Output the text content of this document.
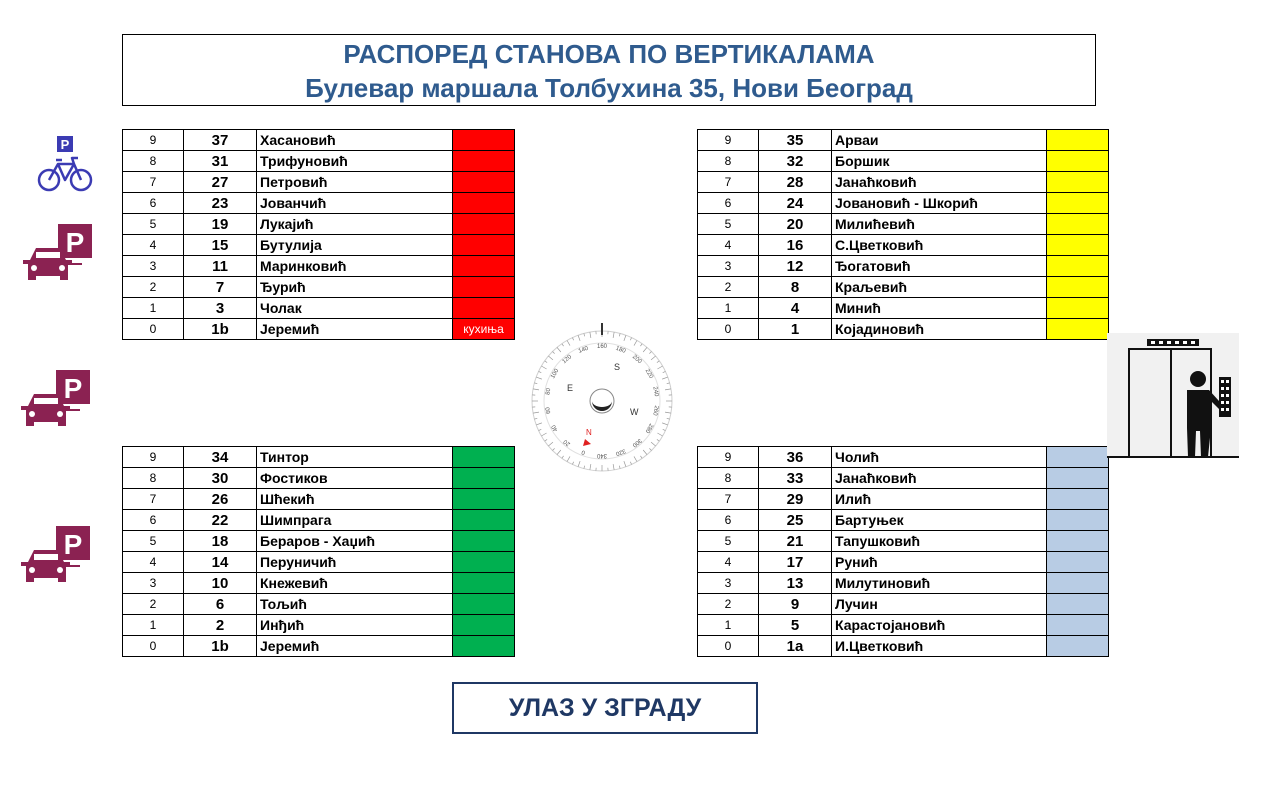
РАСПОРЕД СТАНОВА ПО ВЕРТИКАЛАМА
Булевар маршала Толбухина 35, Нови Београд
9	37	Хасановић	
8	31	Трифуновић	
7	27	Петровић	
6	23	Јованчић	
5	19	Лукајић	
4	15	Бутулија	
3	11	Маринковић	
2	7	Ђурић	
1	3	Чолак	
0	1b	Јеремић	кухиња
9	35	Арваи	
8	32	Боршик	
7	28	Јанаћковић	
6	24	Јовановић - Шкорић	
5	20	Милићевић	
4	16	С.Цветковић	
3	12	Ђогатовић	
2	8	Краљевић	
1	4	Минић	
0	1	Којадиновић	
9	34	Тинтор	
8	30	Фостиков	
7	26	Шћекић	
6	22	Шимпрага	
5	18	Берaров - Хаџић	
4	14	Перуничић	
3	10	Кнежевић	
2	6	Тољић	
1	2	Инђић	
0	1b	Јеремић	
9	36	Чолић	
8	33	Јанаћковић	
7	29	Илић	
6	25	Бартуњек	
5	21	Тапушковић	
4	17	Рунић	
3	13	Милутиновић	
2	9	Лучин	
1	5	Карастојановић	
0	1a	И.Цветковић	
P
P
P
P
0
20
40
60
80
100
120
140 160 180
200
220
240
260
280
300
320
340
S
E
W
N
УЛАЗ У ЗГРАДУ
